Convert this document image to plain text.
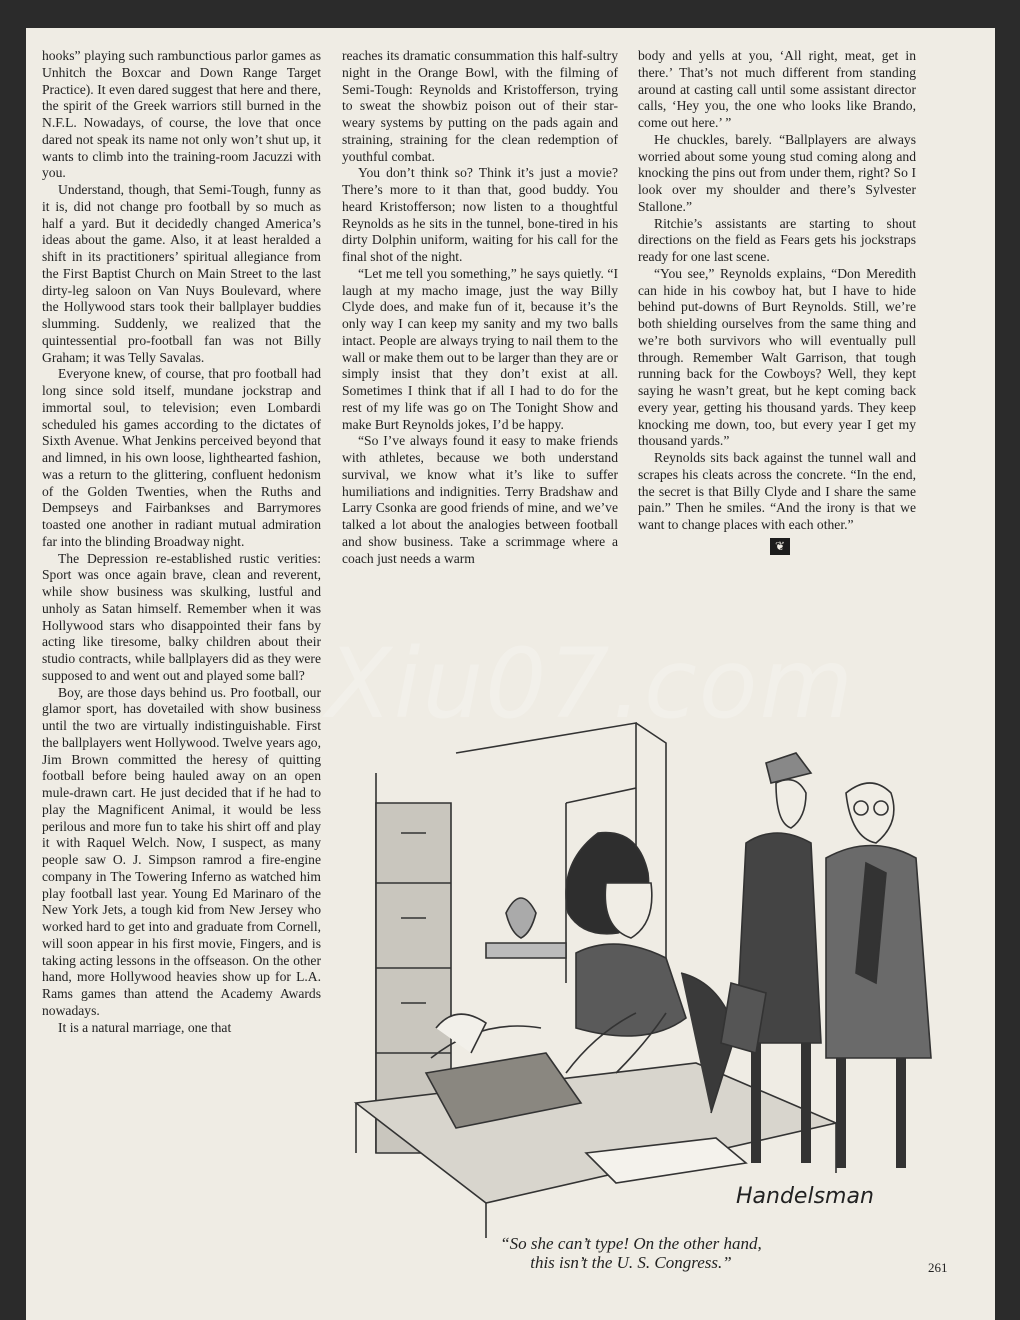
hooks” playing such rambunctious parlor games as Unhitch the Boxcar and Down Range Target Practice). It even dared suggest that here and there, the spirit of the Greek warriors still burned in the N.F.L. Nowadays, of course, the love that once dared not speak its name not only won’t shut up, it wants to climb into the training-room Jacuzzi with you.

Understand, though, that Semi-Tough, funny as it is, did not change pro football by so much as half a yard. But it decidedly changed America’s ideas about the game. Also, it at least heralded a shift in its practitioners’ spiritual allegiance from the First Baptist Church on Main Street to the last dirty-leg saloon on Van Nuys Boulevard, where the Hollywood stars took their ballplayer buddies slumming. Suddenly, we realized that the quintessential pro-football fan was not Billy Graham; it was Telly Savalas.

Everyone knew, of course, that pro football had long since sold itself, mundane jockstrap and immortal soul, to television; even Lombardi scheduled his games according to the dictates of Sixth Avenue. What Jenkins perceived beyond that and limned, in his own loose, lighthearted fashion, was a return to the glittering, confluent hedonism of the Golden Twenties, when the Ruths and Dempseys and Fairbankses and Barrymores toasted one another in radiant mutual admiration far into the blinding Broadway night.

The Depression re-established rustic verities: Sport was once again brave, clean and reverent, while show business was skulking, lustful and unholy as Satan himself. Remember when it was Hollywood stars who disappointed their fans by acting like tiresome, balky children about their studio contracts, while ballplayers did as they were supposed to and went out and played some ball?

Boy, are those days behind us. Pro football, our glamor sport, has dovetailed with show business until the two are virtually indistinguishable. First the ballplayers went Hollywood. Twelve years ago, Jim Brown committed the heresy of quitting football before being hauled away on an open mule-drawn cart. He just decided that if he had to play the Magnificent Animal, it would be less perilous and more fun to take his shirt off and play it with Raquel Welch. Now, I suspect, as many people saw O. J. Simpson ramrod a fire-engine company in The Towering Inferno as watched him play football last year. Young Ed Marinaro of the New York Jets, a tough kid from New Jersey who worked hard to get into and graduate from Cornell, will soon appear in his first movie, Fingers, and is taking acting lessons in the offseason. On the other hand, more Hollywood heavies show up for L.A. Rams games than attend the Academy Awards nowadays.

It is a natural marriage, one that

reaches its dramatic consummation this half-sultry night in the Orange Bowl, with the filming of Semi-Tough: Reynolds and Kristofferson, trying to sweat the showbiz poison out of their star-weary systems by putting on the pads again and straining, straining for the clean redemption of youthful combat.

You don’t think so? Think it’s just a movie? There’s more to it than that, good buddy. You heard Kristofferson; now listen to a thoughtful Reynolds as he sits in the tunnel, bone-tired in his dirty Dolphin uniform, waiting for his call for the final shot of the night.

“Let me tell you something,” he says quietly. “I laugh at my macho image, just the way Billy Clyde does, and make fun of it, because it’s the only way I can keep my sanity and my two balls intact. People are always trying to nail them to the wall or make them out to be larger than they are or simply insist that they don’t exist at all. Sometimes I think that if all I had to do for the rest of my life was go on The Tonight Show and make Burt Reynolds jokes, I’d be happy.

“So I’ve always found it easy to make friends with athletes, because we both understand survival, we know what it’s like to suffer humiliations and indignities. Terry Bradshaw and Larry Csonka are good friends of mine, and we’ve talked a lot about the analogies between football and show business. Take a scrimmage where a coach just needs a warm

body and yells at you, ‘All right, meat, get in there.’ That’s not much different from standing around at casting call until some assistant director calls, ‘Hey you, the one who looks like Brando, come out here.’ ”

He chuckles, barely. “Ballplayers are always worried about some young stud coming along and knocking the pins out from under them, right? So I look over my shoulder and there’s Sylvester Stallone.”

Ritchie’s assistants are starting to shout directions on the field as Fears gets his jockstraps ready for one last scene.

“You see,” Reynolds explains, “Don Meredith can hide in his cowboy hat, but I have to hide behind put-downs of Burt Reynolds. Still, we’re both shielding ourselves from the same thing and we’re both survivors who will eventually pull through. Remember Walt Garrison, that tough running back for the Cowboys? Well, they kept saying he wasn’t great, but he kept coming back every year, getting his thousand yards. They keep knocking me down, too, but every year I get my thousand yards.”

Reynolds sits back against the tunnel wall and scrapes his cleats across the concrete. “In the end, the secret is that Billy Clyde and I share the same pain.” Then he smiles. “And the irony is that we want to change places with each other.”

❦
Handelsman
“So she can’t type! On the other hand,
this isn’t the U. S. Congress.”	261
Xiu07.com
